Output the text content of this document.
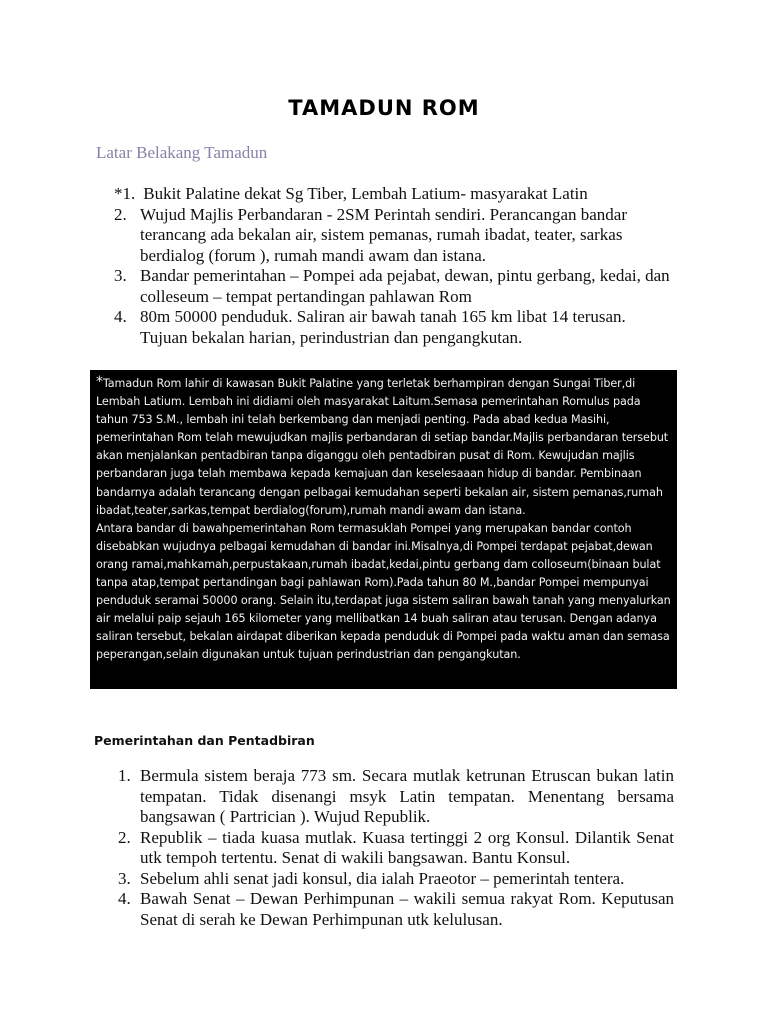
TAMADUN ROM
Latar Belakang Tamadun
*1. Bukit Palatine dekat Sg Tiber, Lembah Latium- masyarakat Latin
2. Wujud Majlis Perbandaran - 2SM Perintah sendiri. Perancangan bandar terancang ada bekalan air, sistem pemanas, rumah ibadat, teater, sarkas berdialog (forum ), rumah mandi awam dan istana.
3. Bandar pemerintahan – Pompei ada pejabat, dewan, pintu gerbang, kedai, dan colleseum – tempat pertandingan pahlawan Rom
4. 80m 50000 penduduk. Saliran air bawah tanah 165 km libat 14 terusan. Tujuan bekalan harian, perindustrian dan pengangkutan.

*Tamadun Rom lahir di kawasan Bukit Palatine yang terletak berhampiran dengan Sungai Tiber,di Lembah Latium. Lembah ini didiami oleh masyarakat Laitum.Semasa pemerintahan Romulus pada tahun 753 S.M., lembah ini telah berkembang dan menjadi penting. Pada abad kedua Masihi, pemerintahan Rom telah mewujudkan majlis perbandaran di setiap bandar.Majlis perbandaran tersebut akan menjalankan pentadbiran tanpa diganggu oleh pentadbiran pusat di Rom. Kewujudan majlis perbandaran juga telah membawa kepada kemajuan dan keselesaaan hidup di bandar. Pembinaan bandarnya adalah terancang dengan pelbagai kemudahan seperti bekalan air, sistem pemanas,rumah ibadat,teater,sarkas,tempat berdialog(forum),rumah mandi awam dan istana.

Antara bandar di bawahpemerintahan Rom termasuklah Pompei yang merupakan bandar contoh disebabkan wujudnya pelbagai kemudahan di bandar ini.Misalnya,di Pompei terdapat pejabat,dewan orang ramai,mahkamah,perpustakaan,rumah ibadat,kedai,pintu gerbang dam colloseum(binaan bulat tanpa atap,tempat pertandingan bagi pahlawan Rom).Pada tahun 80 M.,bandar Pompei mempunyai penduduk seramai 50000 orang. Selain itu,terdapat juga sistem saliran bawah tanah yang menyalurkan air melalui paip sejauh 165 kilometer yang mellibatkan 14 buah saliran atau terusan. Dengan adanya saliran tersebut, bekalan airdapat diberikan kepada penduduk di Pompei pada waktu aman dan semasa peperangan,selain digunakan untuk tujuan perindustrian dan pengangkutan.

Pemerintahan dan Pentadbiran
1. Bermula sistem beraja 773 sm. Secara mutlak ketrunan Etruscan bukan latin tempatan. Tidak disenangi msyk Latin tempatan. Menentang bersama bangsawan ( Partrician ). Wujud Republik.
2. Republik – tiada kuasa mutlak. Kuasa tertinggi 2 org Konsul. Dilantik Senat utk tempoh tertentu. Senat di wakili bangsawan. Bantu Konsul.
3. Sebelum ahli senat jadi konsul, dia ialah Praeotor – pemerintah tentera.
4. Bawah Senat – Dewan Perhimpunan – wakili semua rakyat Rom. Keputusan Senat di serah ke Dewan Perhimpunan utk kelulusan.
